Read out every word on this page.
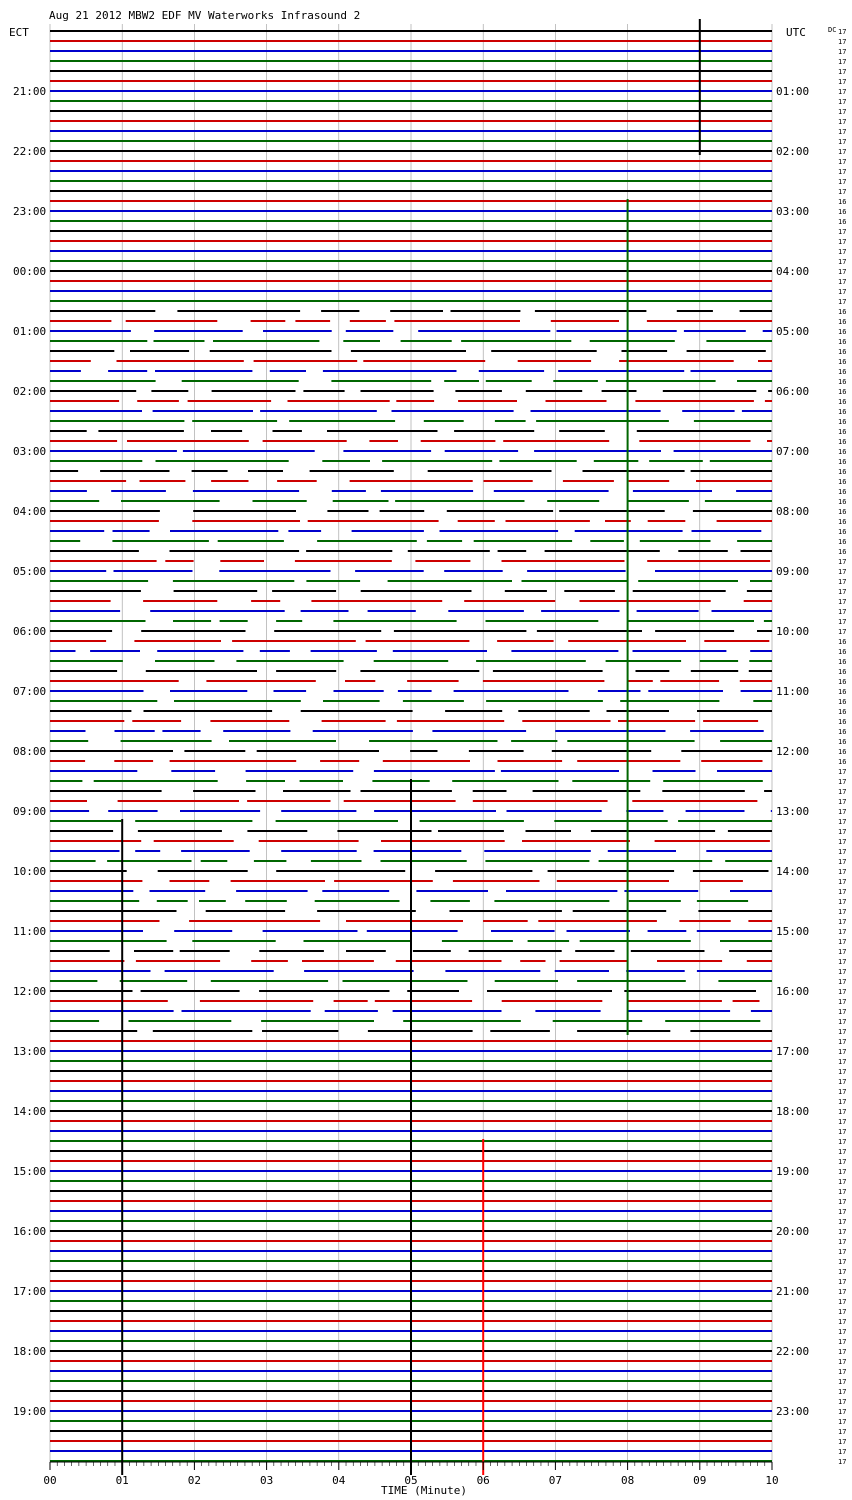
Aug 21 2012 MBW2 EDF MV Waterworks Infrasound 2
ECT	UTC	DC
21:00
22:00
23:00
00:00
01:00
02:00
03:00
04:00
05:00
06:00
07:00
08:00
09:00
10:00
11:00
12:00
13:00
14:00
15:00
16:00
17:00
18:00
19:00
01:00
02:00
03:00
04:00
05:00
06:00
07:00
08:00
09:00
10:00
11:00
12:00
13:00
14:00
15:00
16:00
17:00
18:00
19:00
20:00
21:00
22:00
23:00
17
17
17
17
17
17
17
17
17
17
17
17
17
17
17
17
17
16
16
16
17
17
17
17
17
17
17
17
16
16
16
16
16
16
16
16
16
16
16
16
16
16
16
16
16
16
16
16
16
16
16
16
16
17
17
17
17
17
17
17
17
16
16
16
16
16
16
16
16
16
16
16
16
16
17
17
17
17
17
17
17
17
17
17
17
17
17
17
17
17
17
17
17
17
17
17
17
17
17
17
17
17
17
17
17
17
17
17
17
17
17
17
17
17
17
17
17
17
17
17
17
17
17
17
17
17
17
17
17
17
17
17
17
17
17
17
17
17
17
17
17
17
17
17
00	01	02	03	04	05	06	07	08	09	10
TIME (Minute)
